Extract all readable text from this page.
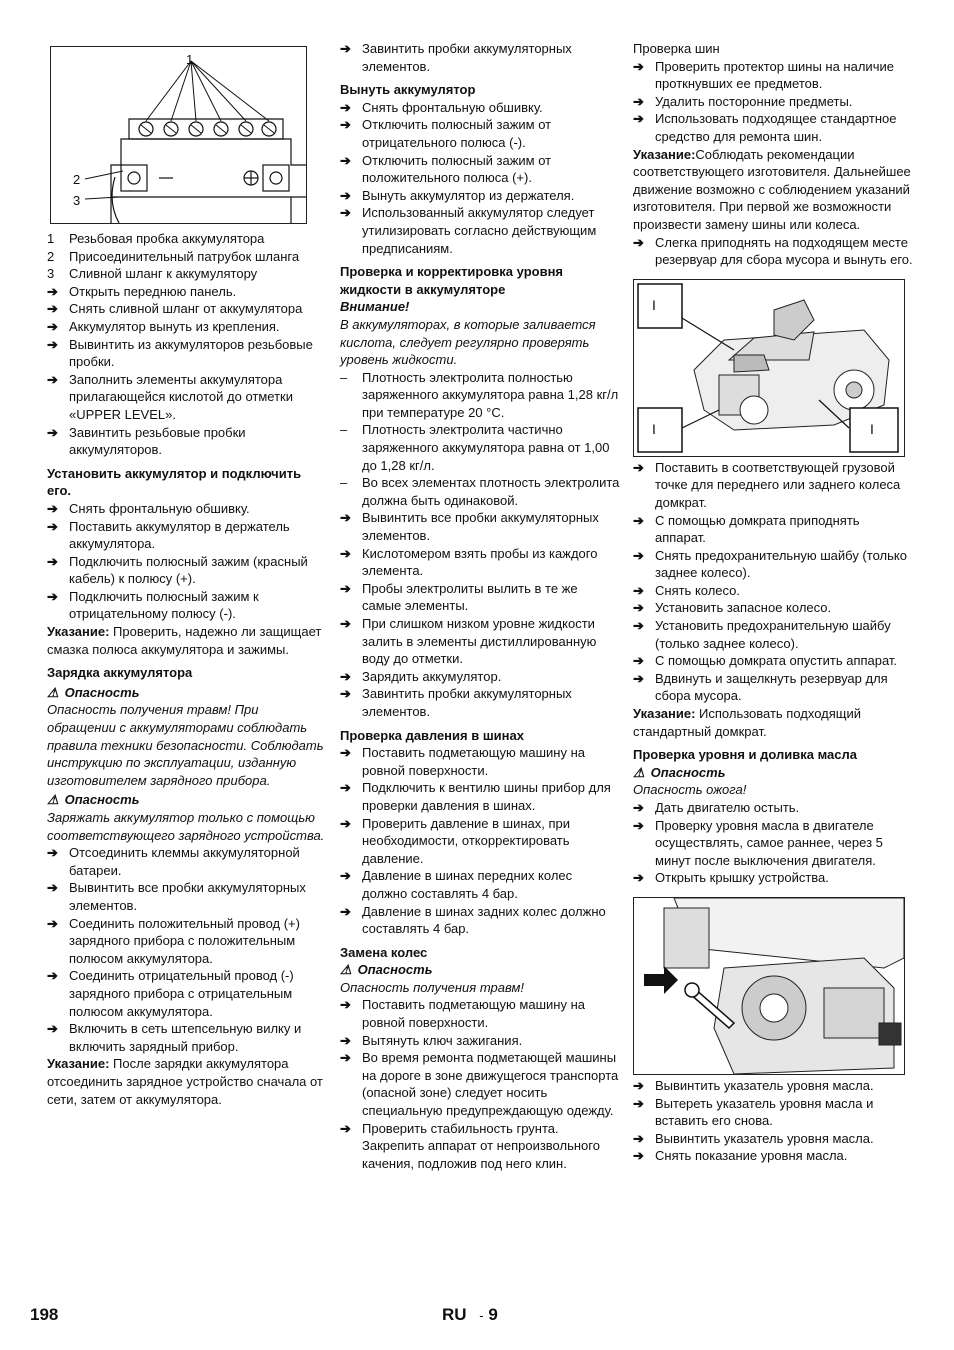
1
2
3
1	Резьбовая пробка аккумулятора
2	Присоединительный патрубок шланга
3	Сливной шланг к аккумулятору
➔ Открыть переднюю панель.
➔ Снять сливной шланг от аккумулятора
➔ Аккумулятор вынуть из крепления.
➔ Вывинтить из аккумуляторов резьбовые пробки.
➔ Заполнить элементы аккумулятора прилагающейся кислотой до отметки «UPPER LEVEL».
➔ Завинтить резьбовые пробки аккумуляторов.

Установить аккумулятор и подключить его.

➔ Снять фронтальную обшивку.
➔ Поставить аккумулятор в держатель аккумулятора.
➔ Подключить полюсный зажим (красный кабель) к полюсу (+).
➔ Подключить полюсный зажим к отрицательному полюсу (-).

Указание: Проверить, надежно ли защищает смазка полюса аккумулятора и зажимы.

Зарядка аккумулятора

⚠ Опасность

Опасность получения травм! При обращении с аккумуляторами соблюдать правила техники безопасности. Соблюдать инструкцию по эксплуатации, изданную изготовителем зарядного прибора.

⚠ Опасность

Заряжать аккумулятор только с помощью соответствующего зарядного устройства.

➔ Отсоединить клеммы аккумуляторной батареи.
➔ Вывинтить все пробки аккумуляторных элементов.
➔ Соединить положительный провод (+) зарядного прибора с положительным полюсом аккумулятора.
➔ Соединить отрицательный провод (-) зарядного прибора с отрицательным полюсом аккумулятора.
➔ Включить в сеть штепсельную вилку и включить зарядный прибор.

Указание: После зарядки аккумулятора отсоединить зарядное устройство сначала от сети, затем от аккумулятора.

➔ Завинтить пробки аккумуляторных элементов.

Вынуть аккумулятор

➔ Снять фронтальную обшивку.
➔ Отключить полюсный зажим от отрицательного полюса (-).
➔ Отключить полюсный зажим от положительного полюса (+).
➔ Вынуть аккумулятор из держателя.
➔ Использованный аккумулятор следует утилизировать согласно действующим предписаниям.

Проверка и корректировка уровня жидкости в аккумуляторе

Внимание!

В аккумуляторах, в которые заливается кислота, следует регулярно проверять уровень жидкости.

–	Плотность электролита полностью заряженного аккумулятора равна 1,28 кг/л при температуре 20 °C.
–	Плотность электролита частично заряженного аккумулятора равна от 1,00 до 1,28 кг/л.
–	Во всех элементах плотность электролита должна быть одинаковой.
➔ Вывинтить все пробки аккумуляторных элементов.
➔ Кислотомером взять пробы из каждого элемента.
➔ Пробы электролиты вылить в те же самые элементы.
➔ При слишком низком уровне жидкости залить в элементы дистиллированную воду до отметки.
➔ Зарядить аккумулятор.
➔ Завинтить пробки аккумуляторных элементов.

Проверка давления в шинах

➔ Поставить подметающую машину на ровной поверхности.
➔ Подключить к вентилю шины прибор для проверки давления в шинах.
➔ Проверить давление в шинах, при необходимости, откорректировать давление.
➔ Давление в шинах передних колес должно составлять 4 бар.
➔ Давление в шинах задних колес должно составлять 4 бар.

Замена колес

⚠ Опасность

Опасность получения травм!

➔ Поставить подметающую машину на ровной поверхности.
➔ Вытянуть ключ зажигания.
➔ Во время ремонта подметающей машины на дороге в зоне движущегося транспорта (опасной зоне) следует носить специальную предупреждающую одежду.
➔ Проверить стабильность грунта. Закрепить аппарат от непроизвольного качения, подложив под него клин.

Проверка шин

➔ Проверить протектор шины на наличие проткнувших ее предметов.
➔ Удалить посторонние предметы.
➔ Использовать подходящее стандартное средство для ремонта шин.

Указание:Соблюдать рекомендации соответствующего изготовителя. Дальнейшее движение возможно с соблюдением указаний изготовителя. При первой же возможности произвести замену шины или колеса.

➔ Слегка приподнять на подходящем месте резервуар для сбора мусора и вынуть его.
I
I	I
➔ Поставить в соответствующей грузовой точке для переднего или заднего колеса домкрат.
➔ С помощью домкрата приподнять аппарат.
➔ Снять предохранительную шайбу (только заднее колесо).
➔ Снять колесо.
➔ Установить запасное колесо.
➔ Установить предохранительную шайбу (только заднее колесо).
➔ С помощью домкрата опустить аппарат.
➔ Вдвинуть и защелкнуть резервуар для сбора мусора.

Указание: Использовать подходящий стандартный домкрат.

Проверка уровня и доливка масла

⚠ Опасность

Опасность ожога!

➔ Дать двигателю остыть.
➔ Проверку уровня масла в двигателе осуществлять, самое раннее, через 5 минут после выключения двигателя.
➔ Открыть крышку устройства.
➔ Вывинтить указатель уровня масла.
➔ Вытереть указатель уровня масла и вставить его снова.
➔ Вывинтить указатель уровня масла.
➔ Снять показание уровня масла.
198	RU - 9
